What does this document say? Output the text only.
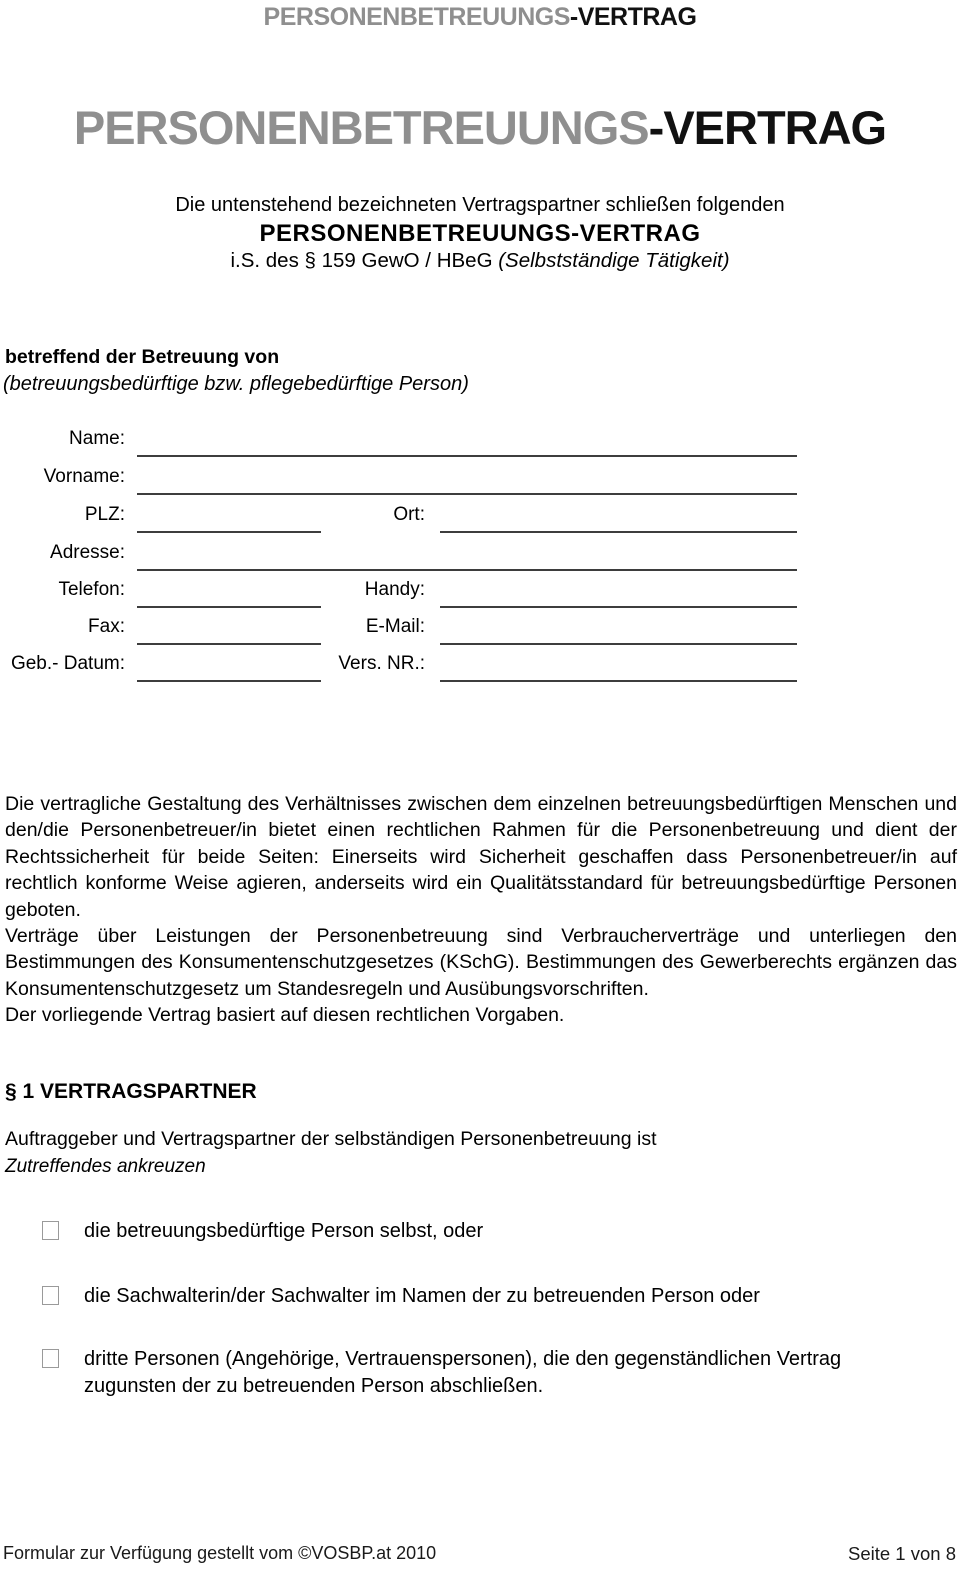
PERSONENBETREUUNGS-VERTRAG
PERSONENBETREUUNGS-VERTRAG
Die untenstehend bezeichneten Vertragspartner schließen folgenden
PERSONENBETREUUNGS-VERTRAG
i.S. des § 159 GewO / HBeG (Selbstständige Tätigkeit)
betreffend der Betreuung von
(betreuungsbedürftige bzw. pflegebedürftige Person)
Name:
Vorname:
PLZ:	Ort:
Adresse:
Telefon:	Handy:
Fax:	E-Mail:
Geb.- Datum:	Vers. NR.:

Die vertragliche Gestaltung des Verhältnisses zwischen dem einzelnen betreuungsbedürftigen Menschen und den/die Personenbetreuer/in bietet einen rechtlichen Rahmen für die Personenbetreuung und dient der Rechtssicherheit für beide Seiten: Einerseits wird Sicherheit geschaffen dass Personenbetreuer/in auf rechtlich konforme Weise agieren, anderseits wird ein Qualitätsstandard für betreuungsbedürftige Personen geboten.

Verträge über Leistungen der Personenbetreuung sind Verbraucherverträge und unterliegen den Bestimmungen des Konsumentenschutzgesetzes (KSchG). Bestimmungen des Gewerberechts ergänzen das Konsumentenschutzgesetz um Standesregeln und Ausübungsvorschriften.

Der vorliegende Vertrag basiert auf diesen rechtlichen Vorgaben.

§ 1 VERTRAGSPARTNER
Auftraggeber und Vertragspartner der selbständigen Personenbetreuung ist
Zutreffendes ankreuzen
die betreuungsbedürftige Person selbst, oder
die Sachwalterin/der Sachwalter im Namen der zu betreuenden Person oder
dritte Personen (Angehörige, Vertrauenspersonen), die den gegenständlichen Vertrag zugunsten der zu betreuenden Person abschließen.
Formular zur Verfügung gestellt vom ©VOSBP.at 2010	Seite 1 von 8
